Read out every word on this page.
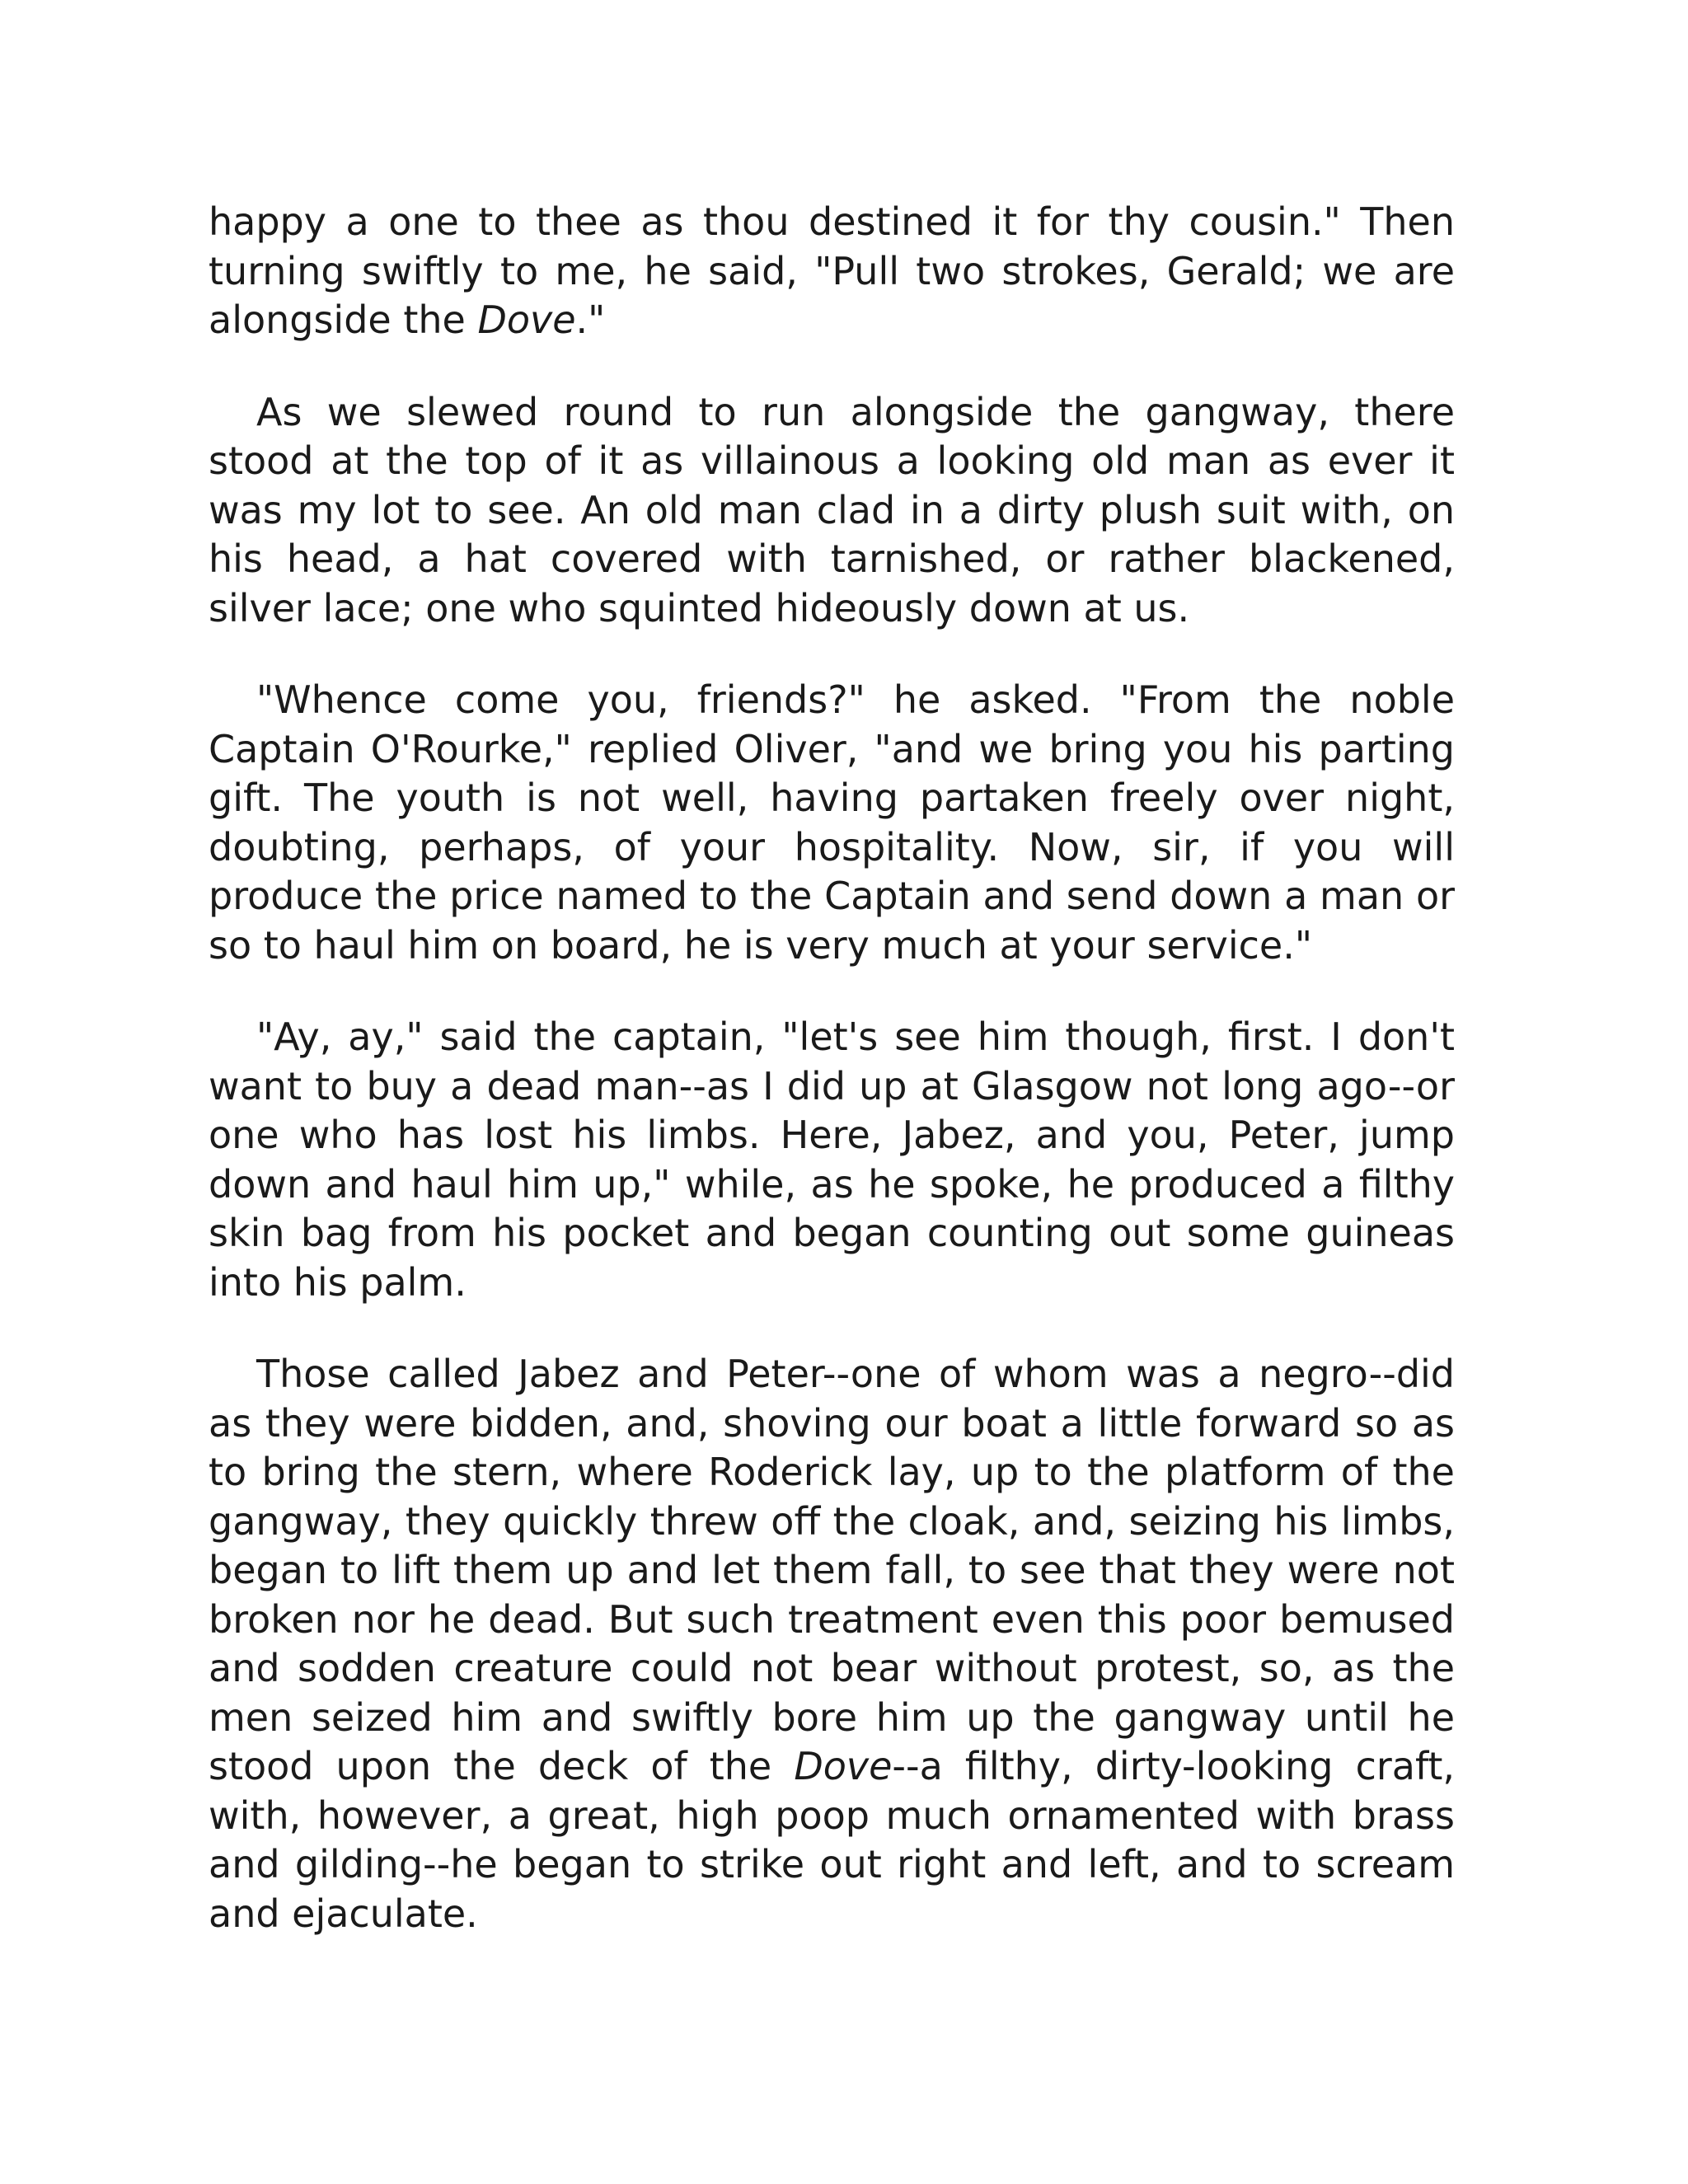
happy a one to thee as thou destined it for thy cousin." Then turning swiftly to me, he said, "Pull two strokes, Gerald; we are alongside the Dove."

As we slewed round to run alongside the gangway, there stood at the top of it as villainous a looking old man as ever it was my lot to see. An old man clad in a dirty plush suit with, on his head, a hat covered with tarnished, or rather blackened, silver lace; one who squinted hideously down at us.

"Whence come you, friends?" he asked. "From the noble Captain O'Rourke," replied Oliver, "and we bring you his parting gift. The youth is not well, having partaken freely over night, doubting, perhaps, of your hospitality. Now, sir, if you will produce the price named to the Captain and send down a man or so to haul him on board, he is very much at your service."

"Ay, ay," said the captain, "let's see him though, first. I don't want to buy a dead man--as I did up at Glasgow not long ago--or one who has lost his limbs. Here, Jabez, and you, Peter, jump down and haul him up," while, as he spoke, he produced a filthy skin bag from his pocket and began counting out some guineas into his palm.

Those called Jabez and Peter--one of whom was a negro--did as they were bidden, and, shoving our boat a little forward so as to bring the stern, where Roderick lay, up to the platform of the gangway, they quickly threw off the cloak, and, seizing his limbs, began to lift them up and let them fall, to see that they were not broken nor he dead. But such treatment even this poor bemused and sodden creature could not bear without protest, so, as the men seized him and swiftly bore him up the gangway until he stood upon the deck of the Dove--a filthy, dirty-looking craft, with, however, a great, high poop much ornamented with brass and gilding--he began to strike out right and left, and to scream and ejaculate.
